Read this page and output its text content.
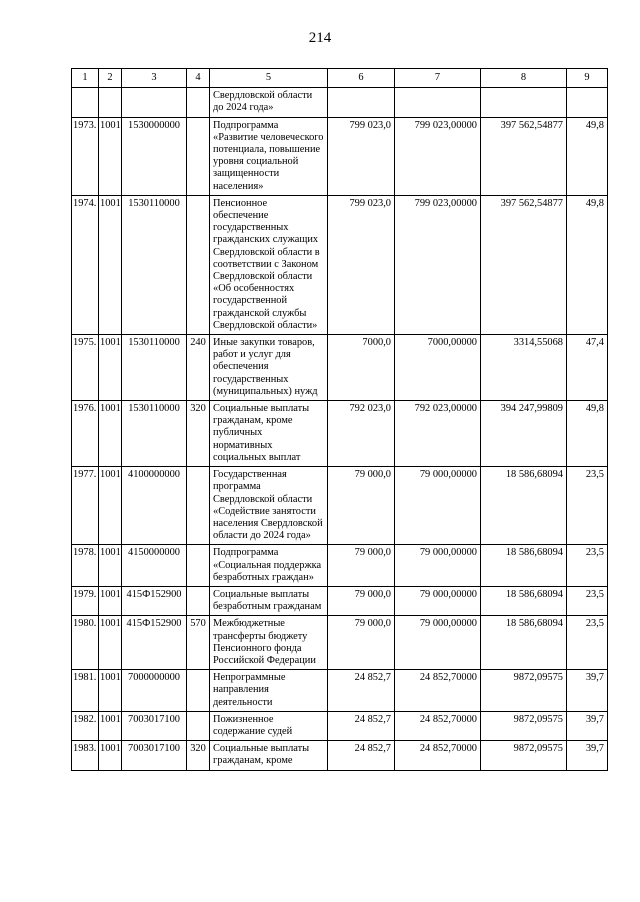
214
1	2	3	4	5	6	7	8	9
				Свердловской области до 2024 года»				
1973.	1001	1530000000		Подпрограмма «Развитие человеческого потенциала, повышение уровня социальной защищенности населения»	799 023,0	799 023,00000	397 562,54877	49,8
1974.	1001	1530110000		Пенсионное обеспечение государственных гражданских служащих Свердловской области в соответствии с Законом Свердловской области «Об особенностях государственной гражданской службы Свердловской области»	799 023,0	799 023,00000	397 562,54877	49,8
1975.	1001	1530110000	240	Иные закупки товаров, работ и услуг для обеспечения государственных (муниципальных) нужд	7000,0	7000,00000	3314,55068	47,4
1976.	1001	1530110000	320	Социальные выплаты гражданам, кроме публичных нормативных социальных выплат	792 023,0	792 023,00000	394 247,99809	49,8
1977.	1001	4100000000		Государственная программа Свердловской области «Содействие занятости населения Свердловской области до 2024 года»	79 000,0	79 000,00000	18 586,68094	23,5
1978.	1001	4150000000		Подпрограмма «Социальная поддержка безработных граждан»	79 000,0	79 000,00000	18 586,68094	23,5
1979.	1001	415Ф152900		Социальные выплаты безработным гражданам	79 000,0	79 000,00000	18 586,68094	23,5
1980.	1001	415Ф152900	570	Межбюджетные трансферты бюджету Пенсионного фонда Российской Федерации	79 000,0	79 000,00000	18 586,68094	23,5
1981.	1001	7000000000		Непрограммные направления деятельности	24 852,7	24 852,70000	9872,09575	39,7
1982.	1001	7003017100		Пожизненное содержание судей	24 852,7	24 852,70000	9872,09575	39,7
1983.	1001	7003017100	320	Социальные выплаты гражданам, кроме	24 852,7	24 852,70000	9872,09575	39,7
